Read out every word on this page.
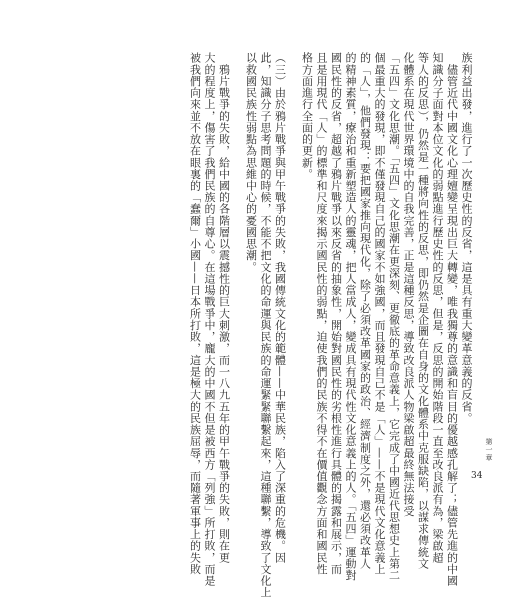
族利益出發，進行了一次歷史性的反省，這是具有重大變革意義的反省。
　儘管近代中國文化心理嬗變呈現出巨大轉變，唯我獨尊的意識和盲目的優越感孔解了；儘管先進的中國
知識分子面對本位文化的弱點進行歷史性的反思，但是，反思的開始階段一直至改良派有為，梁啟超
等人的反思），仍然是一種將向性的反思，即仍然是企圖在自身的文化體系中克服缺陷，以謀求傳統文
化體系在現代世界環境中的自我完善，正是這種反思，導致改良派人物梁啟超最終無法接受
「五四」文化思潮。「五四」文化思潮在更深刻、更徹底的革命意義上，它完成了中國近代思想史上第二
個最重大的發現，即不僅發現自己的國家不如強國，而且發現自己不是「人」——不是現代文化意義上
的「人」，他們發現：要把國家推向現代化，除了必須改革國家的政治、經濟制度之外，還必須改革人
的精神素質，療治和重新塑造人的靈魂，把人當成人，變成具有現代性文化意義上的人。「五四」運動對
國民性的反省，超越了鴉片戰爭以來反省的抽象性，開始對國民性的劣根性進行具體的揭露和展示，而
且是用現代「人」的標準和尺度來揭示國民性的弱點，迫使我們的民族不得不在價值觀念方面和國民性
格方面進行全面的更新。
（三）由於鴉片戰爭與甲午戰爭的失敗，我國傳統文化的範體——中華民族，陷入了深重的危機。因
此，知識分子思考問題的時候，不能不把文化的命運與民族的命運緊緊聯繫起來，這種聯繫，導致了文化上
以救國民族性弱點為思維中心的憂國思潮。
　鴉片戰爭的失敗，給中國的各階層以震撼性的巨大刺激，而一八九五年的甲午戰爭的失敗，則在更
大的程度上，傷害了我們民族的自尊心。在這場戰爭中，龐大的中國不但是被西方「列強」所打敗，而是
被我們向來並不放在眼裏的「蠢爾」小國——日本所打敗，這是極大的民族屈辱，而隨著軍事上的失敗	第一章
34
